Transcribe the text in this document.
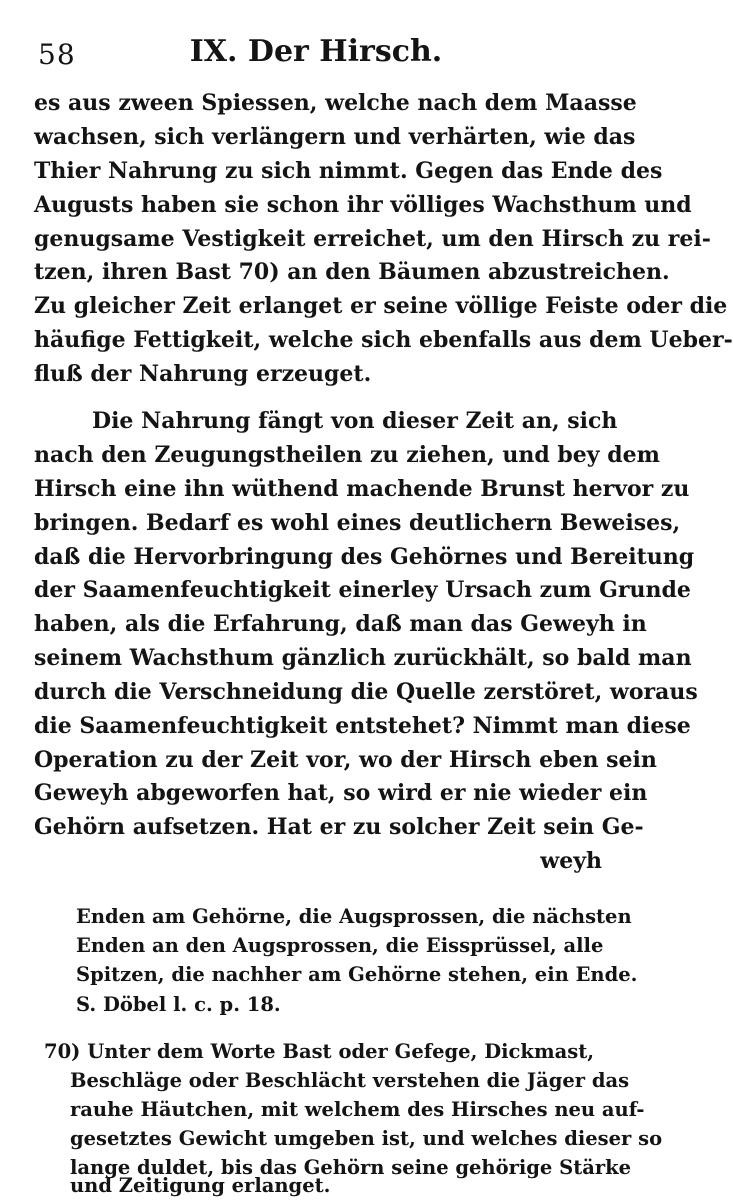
58	IX. Der Hirsch.
es aus zween Spiessen, welche nach dem Maasse
wachsen, sich verlängern und verhärten, wie das
Thier Nahrung zu sich nimmt. Gegen das Ende des
Augusts haben sie schon ihr völliges Wachsthum und
genugsame Vestigkeit erreichet, um den Hirsch zu rei-
tzen, ihren Bast 70) an den Bäumen abzustreichen.
Zu gleicher Zeit erlanget er seine völlige Feiste oder die
häufige Fettigkeit, welche sich ebenfalls aus dem Ueber-
fluß der Nahrung erzeuget.
Die Nahrung fängt von dieser Zeit an, sich
nach den Zeugungstheilen zu ziehen, und bey dem
Hirsch eine ihn wüthend machende Brunst hervor zu
bringen. Bedarf es wohl eines deutlichern Beweises,
daß die Hervorbringung des Gehörnes und Bereitung
der Saamenfeuchtigkeit einerley Ursach zum Grunde
haben, als die Erfahrung, daß man das Geweyh in
seinem Wachsthum gänzlich zurückhält, so bald man
durch die Verschneidung die Quelle zerstöret, woraus
die Saamenfeuchtigkeit entstehet? Nimmt man diese
Operation zu der Zeit vor, wo der Hirsch eben sein
Geweyh abgeworfen hat, so wird er nie wieder ein
Gehörn aufsetzen. Hat er zu solcher Zeit sein Ge-
weyh
Enden am Gehörne, die Augsprossen, die nächsten
Enden an den Augsprossen, die Eissprüssel, alle
Spitzen, die nachher am Gehörne stehen, ein Ende.
S. Döbel l. c. p. 18.
70) Unter dem Worte Bast oder Gefege, Dickmast,
Beschläge oder Beschlächt verstehen die Jäger das
rauhe Häutchen, mit welchem des Hirsches neu auf-
gesetztes Gewicht umgeben ist, und welches dieser so
lange duldet, bis das Gehörn seine gehörige Stärke
und Zeitigung erlanget.
